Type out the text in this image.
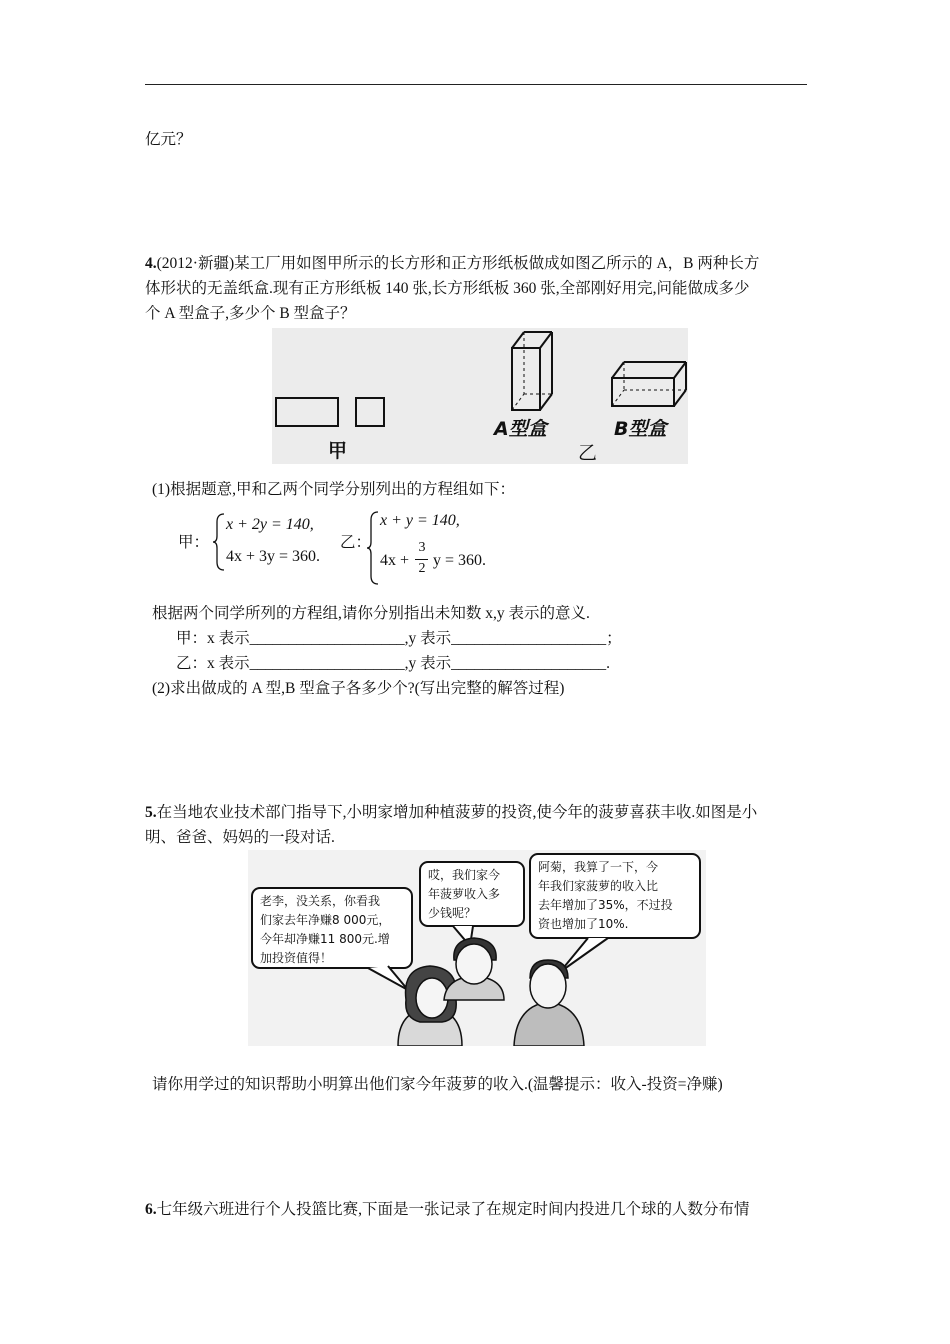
亿元？
4.(2012·新疆)某工厂用如图甲所示的长方形和正方形纸板做成如图乙所示的 A，B 两种长方
体形状的无盖纸盒.现有正方形纸板 140 张,长方形纸板 360 张,全部刚好用完,问能做成多少
个 A 型盒子,多少个 B 型盒子？
甲
A型盒	B型盒
乙
(1)根据题意,甲和乙两个同学分别列出的方程组如下：
甲：
x + 2y = 140,
4x + 3y = 360.
乙：
x + y = 140,
4x +
3
2 y = 360.
根据两个同学所列的方程组,请你分别指出未知数 x,y 表示的意义.
甲：x 表示____________________,y 表示____________________；
乙：x 表示____________________,y 表示____________________.
(2)求出做成的 A 型,B 型盒子各多少个?(写出完整的解答过程)
5.在当地农业技术部门指导下,小明家增加种植菠萝的投资,使今年的菠萝喜获丰收.如图是小
明、爸爸、妈妈的一段对话.
老李，没关系，你看我
们家去年净赚8 000元，
今年却净赚11 800元.增
加投资值得！
哎，我们家今
年菠萝收入多
少钱呢？
阿菊，我算了一下，今
年我们家菠萝的收入比
去年增加了35%，不过投
资也增加了10%.
请你用学过的知识帮助小明算出他们家今年菠萝的收入.(温馨提示：收入-投资=净赚)
6.七年级六班进行个人投篮比赛,下面是一张记录了在规定时间内投进几个球的人数分布情
